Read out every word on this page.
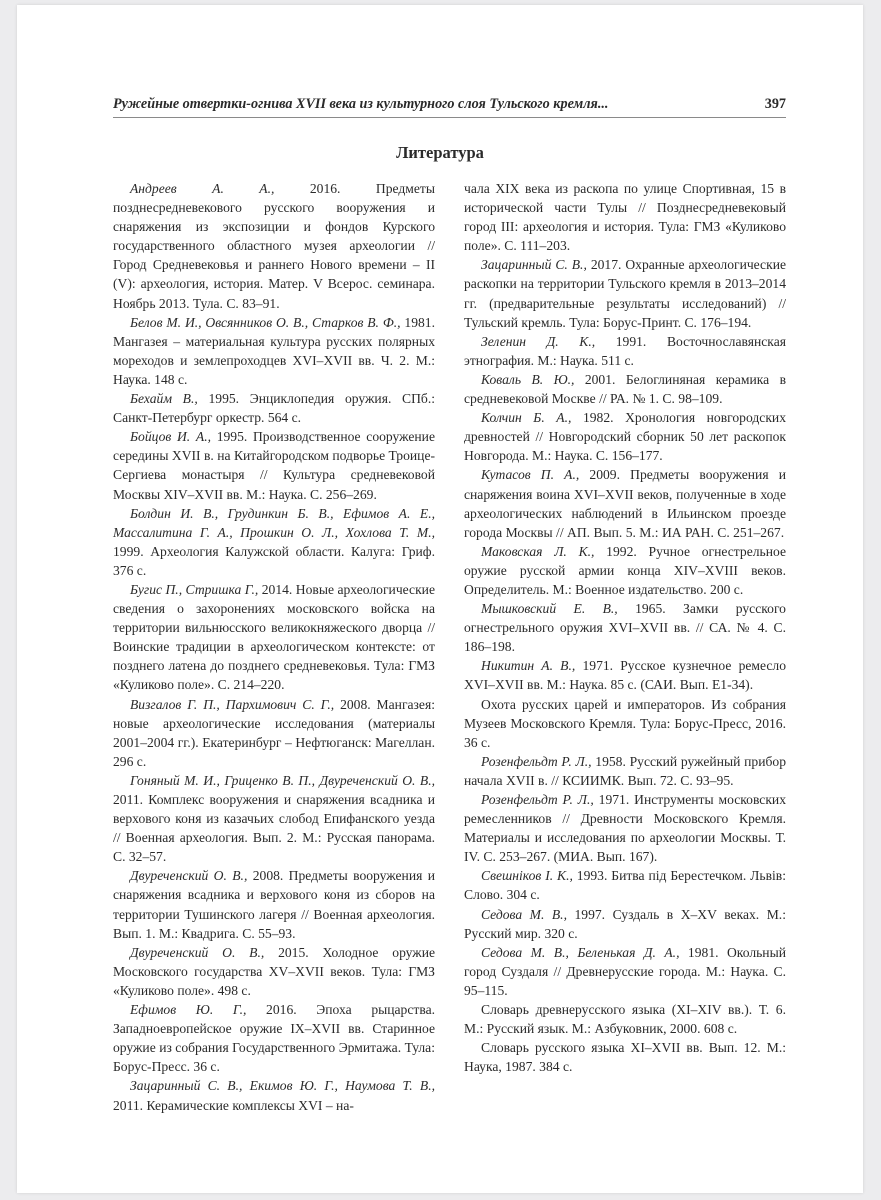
Ружейные отвертки-огнива XVII века из культурного слоя Тульского кремля...	397
Литература

Андреев А. А., 2016. Предметы позднесредневекового русского вооружения и снаряжения из экспозиции и фондов Курского государственного областного музея археологии // Город Средневековья и раннего Нового времени – II (V): археология, история. Матер. V Всерос. семинара. Ноябрь 2013. Тула. С. 83–91.

Белов М. И., Овсянников О. В., Старков В. Ф., 1981. Мангазея – материальная культура русских полярных мореходов и землепроходцев XVI–XVII вв. Ч. 2. М.: Наука. 148 с.

Бехайм В., 1995. Энциклопедия оружия. СПб.: Санкт-Петербург оркестр. 564 с.

Бойцов И. А., 1995. Производственное сооружение середины XVII в. на Китайгородском подворье Троице-Сергиева монастыря // Культура средневековой Москвы XIV–XVII вв. М.: Наука. С. 256–269.

Болдин И. В., Грудинкин Б. В., Ефимов А. Е., Массалитина Г. А., Прошкин О. Л., Хохлова Т. М., 1999. Археология Калужской области. Калуга: Гриф. 376 с.

Бугис П., Стришка Г., 2014. Новые археологические сведения о захоронениях московского войска на территории вильнюсского великокняжеского дворца // Воинские традиции в археологическом контексте: от позднего латена до позднего средневековья. Тула: ГМЗ «Куликово поле». С. 214–220.

Визгалов Г. П., Пархимович С. Г., 2008. Мангазея: новые археологические исследования (материалы 2001–2004 гг.). Екатеринбург – Нефтюганск: Магеллан. 296 с.

Гоняный М. И., Гриценко В. П., Двуреченский О. В., 2011. Комплекс вооружения и снаряжения всадника и верхового коня из казачьих слобод Епифанского уезда // Военная археология. Вып. 2. М.: Русская панорама. С. 32–57.

Двуреченский О. В., 2008. Предметы вооружения и снаряжения всадника и верхового коня из сборов на территории Тушинского лагеря // Военная археология. Вып. 1. М.: Квадрига. С. 55–93.

Двуреченский О. В., 2015. Холодное оружие Московского государства XV–XVII веков. Тула: ГМЗ «Куликово поле». 498 с.

Ефимов Ю. Г., 2016. Эпоха рыцарства. Западноевропейское оружие IX–XVII вв. Старинное оружие из собрания Государственного Эрмитажа. Тула: Борус-Пресс. 36 с.

Зацаринный С. В., Екимов Ю. Г., Наумова Т. В., 2011. Керамические комплексы XVI – на-

чала XIX века из раскопа по улице Спортивная, 15 в исторической части Тулы // Позднесредневековый город III: археология и история. Тула: ГМЗ «Куликово поле». С. 111–203.

Зацаринный С. В., 2017. Охранные археологические раскопки на территории Тульского кремля в 2013–2014 гг. (предварительные результаты исследований) // Тульский кремль. Тула: Борус-Принт. С. 176–194.

Зеленин Д. К., 1991. Восточнославянская этнография. М.: Наука. 511 с.

Коваль В. Ю., 2001. Белоглиняная керамика в средневековой Москве // РА. № 1. С. 98–109.

Колчин Б. А., 1982. Хронология новгородских древностей // Новгородский сборник 50 лет раскопок Новгорода. М.: Наука. С. 156–177.

Кутасов П. А., 2009. Предметы вооружения и снаряжения воина XVI–XVII веков, полученные в ходе археологических наблюдений в Ильинском проезде города Москвы // АП. Вып. 5. М.: ИА РАН. С. 251–267.

Маковская Л. К., 1992. Ручное огнестрельное оружие русской армии конца XIV–XVIII веков. Определитель. М.: Военное издательство. 200 с.

Мышковский Е. В., 1965. Замки русского огнестрельного оружия XVI–XVII вв. // СА. № 4. С. 186–198.

Никитин А. В., 1971. Русское кузнечное ремесло XVI–XVII вв. М.: Наука. 85 с. (САИ. Вып. Е1-34).

Охота русских царей и императоров. Из собрания Музеев Московского Кремля. Тула: Борус-Пресс, 2016. 36 с.

Розенфельдт Р. Л., 1958. Русский ружейный прибор начала XVII в. // КСИИМК. Вып. 72. С. 93–95.

Розенфельдт Р. Л., 1971. Инструменты московских ремесленников // Древности Московского Кремля. Материалы и исследования по археологии Москвы. Т. IV. С. 253–267. (МИА. Вып. 167).

Свешніков І. К., 1993. Битва під Берестечком. Львів: Слово. 304 с.

Седова М. В., 1997. Суздаль в X–XV веках. М.: Русский мир. 320 с.

Седова М. В., Беленькая Д. А., 1981. Окольный город Суздаля // Древнерусские города. М.: Наука. С. 95–115.

Словарь древнерусского языка (XI–XIV вв.). Т. 6. М.: Русский язык. М.: Азбуковник, 2000. 608 с.

Словарь русского языка XI–XVII вв. Вып. 12. М.: Наука, 1987. 384 с.
